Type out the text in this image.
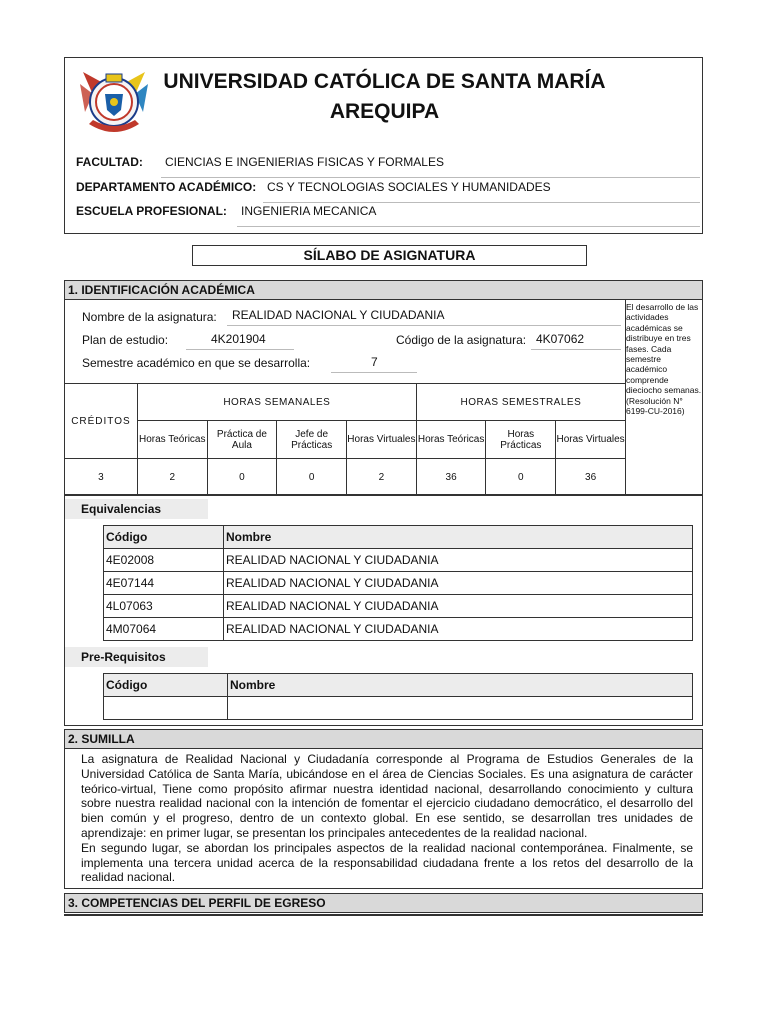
UNIVERSIDAD CATÓLICA DE SANTA MARÍA
AREQUIPA
FACULTAD: CIENCIAS E INGENIERIAS FISICAS Y FORMALES
DEPARTAMENTO ACADÉMICO: CS Y TECNOLOGIAS SOCIALES Y HUMANIDADES
ESCUELA PROFESIONAL: INGENIERIA MECANICA
SÍLABO DE ASIGNATURA
1. IDENTIFICACIÓN ACADÉMICA
Nombre de la asignatura: REALIDAD NACIONAL Y CIUDADANIA
Plan de estudio:	4K201904	Código de la asignatura: 4K07062
Semestre académico en que se desarrolla:	7
El desarrollo de las actividades académicas se distribuye en tres fases. Cada semestre académico comprende dieciocho semanas. (Resolución N° 6199-CU-2016)
CRÉDITOS	HORAS SEMANALES				HORAS SEMESTRALES		
	Horas Teóricas	Práctica de Aula	Jefe de Prácticas	Horas Virtuales	Horas Teóricas	Horas Prácticas	Horas Virtuales
3	2	0	0	2	36	0	36
Equivalencias
Código	Nombre
4E02008	REALIDAD NACIONAL Y CIUDADANIA
4E07144	REALIDAD NACIONAL Y CIUDADANIA
4L07063	REALIDAD NACIONAL Y CIUDADANIA
4M07064	REALIDAD NACIONAL Y CIUDADANIA
Pre-Requisitos
Código	Nombre

2. SUMILLA
La asignatura de Realidad Nacional y Ciudadanía corresponde al Programa de Estudios Generales de la Universidad Católica de Santa María, ubicándose en el área de Ciencias Sociales. Es una asignatura de carácter teórico-virtual, Tiene como propósito afirmar nuestra identidad nacional, desarrollando conocimiento y cultura sobre nuestra realidad nacional con la intención de fomentar el ejercicio ciudadano democrático, el desarrollo del bien común y el progreso, dentro de un contexto global. En ese sentido, se desarrollan tres unidades de aprendizaje: en primer lugar, se presentan los principales antecedentes de la realidad nacional.
En segundo lugar, se abordan los principales aspectos de la realidad nacional contemporánea. Finalmente, se implementa una tercera unidad acerca de la responsabilidad ciudadana frente a los retos del desarrollo de la realidad nacional.
3. COMPETENCIAS DEL PERFIL DE EGRESO
